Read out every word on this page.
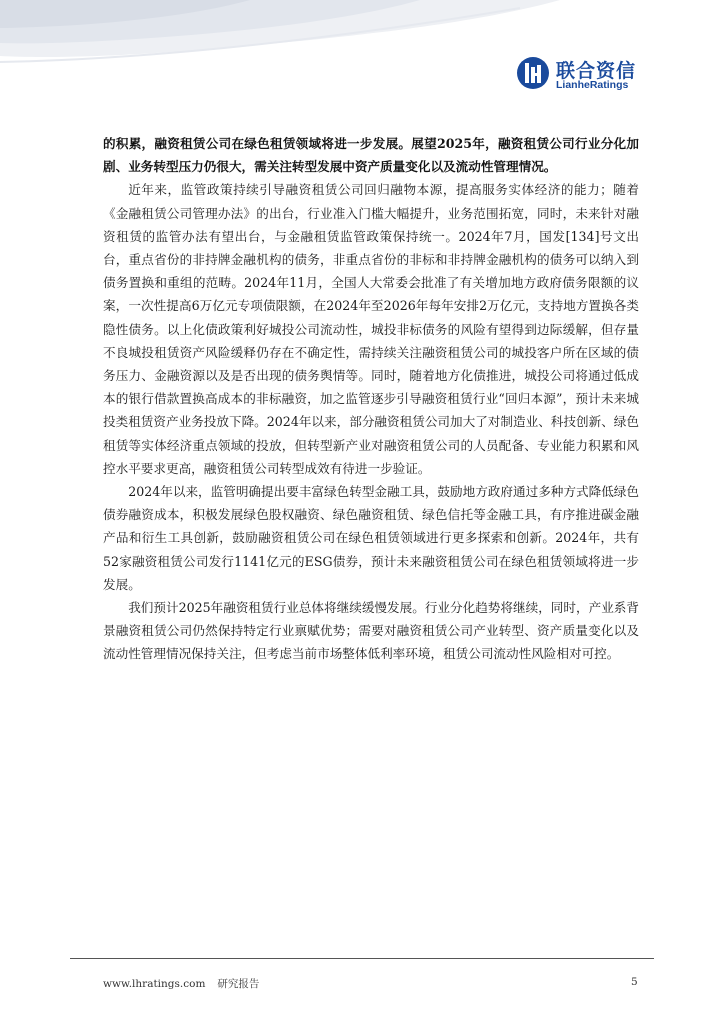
联合资信
LianheRatings

的积累，融资租赁公司在绿色租赁领域将进一步发展。展望2025年，融资租赁公司行业分化加剧、业务转型压力仍很大，需关注转型发展中资产质量变化以及流动性管理情况。

近年来，监管政策持续引导融资租赁公司回归融物本源，提高服务实体经济的能力；随着《金融租赁公司管理办法》的出台，行业准入门槛大幅提升，业务范围拓宽，同时，未来针对融资租赁的监管办法有望出台，与金融租赁监管政策保持统一。2024年7月，国发[134]号文出台，重点省份的非持牌金融机构的债务，非重点省份的非标和非持牌金融机构的债务可以纳入到债务置换和重组的范畴。2024年11月，全国人大常委会批准了有关增加地方政府债务限额的议案，一次性提高6万亿元专项债限额，在2024年至2026年每年安排2万亿元，支持地方置换各类隐性债务。以上化债政策利好城投公司流动性，城投非标债务的风险有望得到边际缓解，但存量不良城投租赁资产风险缓释仍存在不确定性，需持续关注融资租赁公司的城投客户所在区域的债务压力、金融资源以及是否出现的债务舆情等。同时，随着地方化债推进，城投公司将通过低成本的银行借款置换高成本的非标融资，加之监管逐步引导融资租赁行业“回归本源”，预计未来城投类租赁资产业务投放下降。2024年以来，部分融资租赁公司加大了对制造业、科技创新、绿色租赁等实体经济重点领域的投放，但转型新产业对融资租赁公司的人员配备、专业能力积累和风控水平要求更高，融资租赁公司转型成效有待进一步验证。

2024年以来，监管明确提出要丰富绿色转型金融工具，鼓励地方政府通过多种方式降低绿色债券融资成本，积极发展绿色股权融资、绿色融资租赁、绿色信托等金融工具，有序推进碳金融产品和衍生工具创新，鼓励融资租赁公司在绿色租赁领域进行更多探索和创新。2024年，共有52家融资租赁公司发行1141亿元的ESG债券，预计未来融资租赁公司在绿色租赁领域将进一步发展。

我们预计2025年融资租赁行业总体将继续缓慢发展。行业分化趋势将继续，同时，产业系背景融资租赁公司仍然保持特定行业禀赋优势；需要对融资租赁公司产业转型、资产质量变化以及流动性管理情况保持关注，但考虑当前市场整体低利率环境，租赁公司流动性风险相对可控。

www.lhratings.com 研究报告	5
